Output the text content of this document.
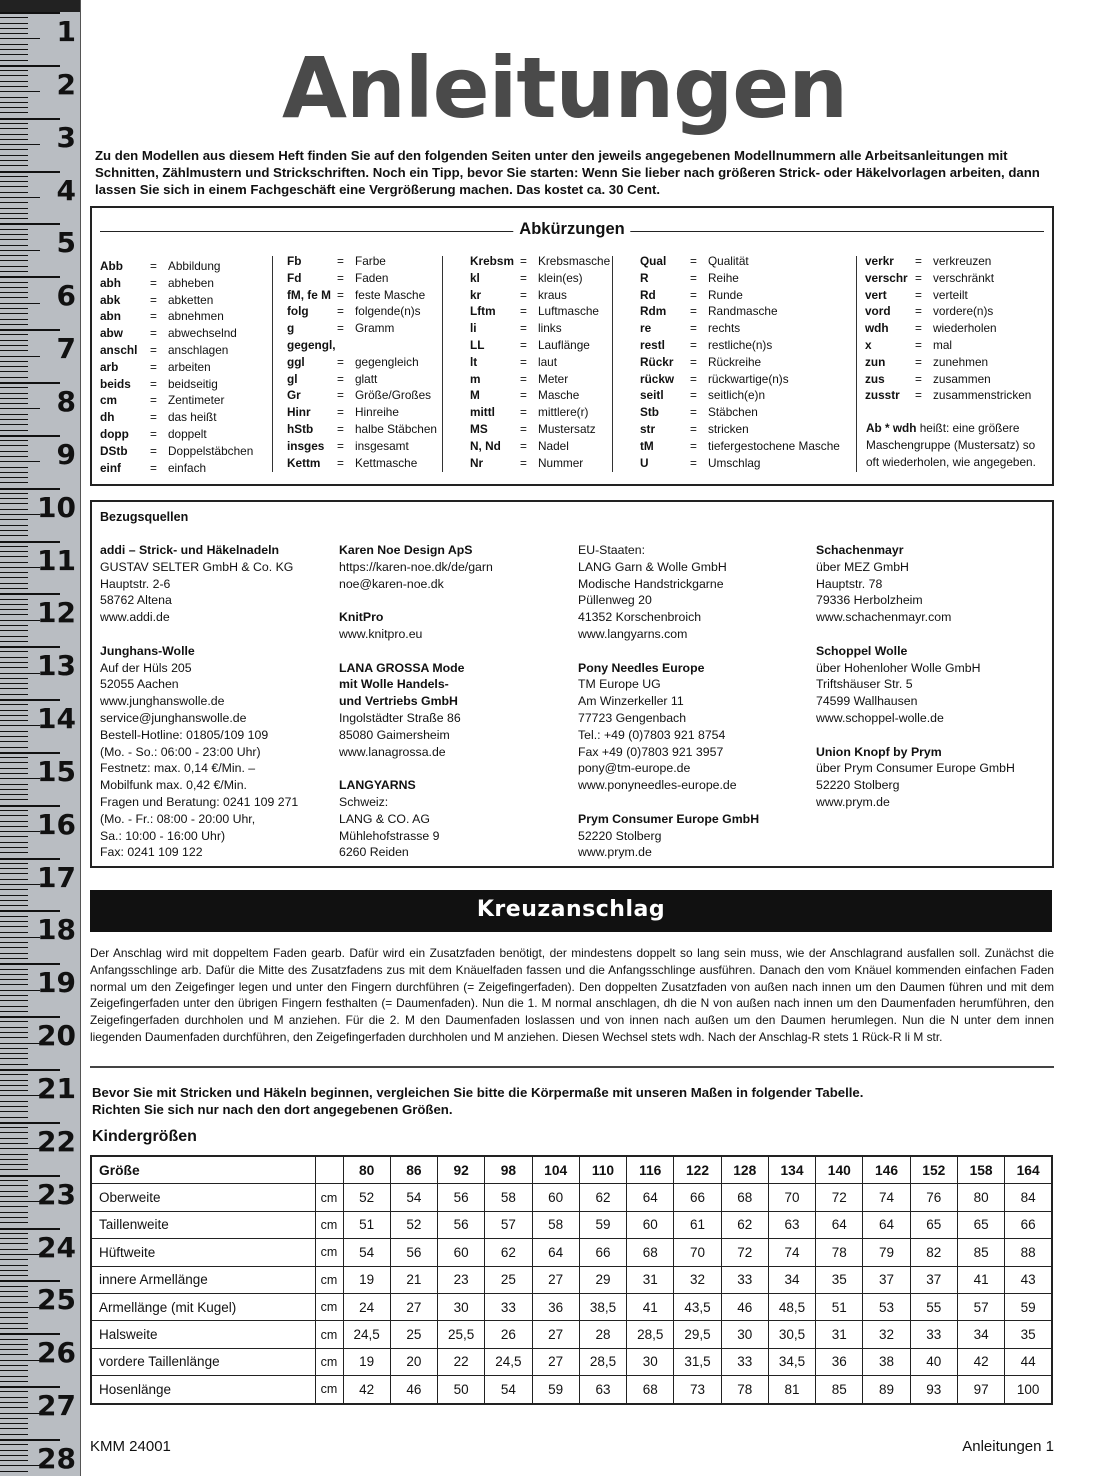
1
2
3
4
5
6
7
8
9
10
11
12
13
14
15
16
17
18
19
20
21
22
23
24
25
26
27
28
Anleitungen

Zu den Modellen aus diesem Heft finden Sie auf den folgenden Seiten unter den jeweils angegebenen Modellnummern alle Arbeitsanleitungen mit Schnitten, Zählmustern und Strickschriften. Noch ein Tipp, bevor Sie starten: Wenn Sie lieber nach größeren Strick- oder Häkelvorlagen arbeiten, dann lassen Sie sich in einem Fachgeschäft eine Vergrößerung machen. Das kostet ca. 30 Cent.

Abkürzungen
Ab * wdh heißt: eine größere Maschengruppe (Mustersatz) so oft wiederholen, wie angegeben.
Abb = Abbildung
abh = abheben
abk	= abketten
abn = abnehmen
abw = abwechselnd
anschl = anschlagen
arb	= arbeiten
beids = beidseitig
cm	= Zentimeter
dh	= das heißt
dopp = doppelt
DStb = Doppelstäbchen
einf = einfach
Fb	= Farbe
Fd	= Faden
fM, fe M = feste Masche
folg = folgende(n)s
g	= Gramm
gegengl,
ggl	= gegengleich
gl	= glatt
Gr	= Größe/Großes
Hinr = Hinreihe
hStb = halbe Stäbchen
insges = insgesamt
Kettm = Kettmasche
Krebsm = Krebsmasche
kl	= klein(es)
kr	= kraus
Lftm = Luftmasche
li	= links
LL	= Lauflänge
lt	= laut
m	= Meter
M	= Masche
mittl = mittlere(r)
MS	= Mustersatz
N, Nd = Nadel
Nr	= Nummer
Qual = Qualität
R	= Reihe
Rd	= Runde
Rdm = Randmasche
re	= rechts
restl = restliche(n)s
Rückr = Rückreihe
rückw = rückwartige(n)s
seitl = seitlich(e)n
Stb	= Stäbchen
str	= stricken
tM	= tiefergestochene Masche
U	= Umschlag
verkr = verkreuzen
verschr = verschränkt
vert = verteilt
vord = vordere(n)s
wdh = wiederholen
x	= mal
zun	= zunehmen
zus	= zusammen
zusstr = zusammenstricken
Bezugsquellen
addi – Strick- und Häkelnadeln
GUSTAV SELTER GmbH & Co. KG
Hauptstr. 2-6
58762 Altena
www.addi.de
Junghans-Wolle
Auf der Hüls 205
52055 Aachen
www.junghanswolle.de
service@junghanswolle.de
Bestell-Hotline: 01805/109 109
(Mo. - So.: 06:00 - 23:00 Uhr)
Festnetz: max. 0,14 €/Min. –
Mobilfunk max. 0,42 €/Min.
Fragen und Beratung: 0241 109 271
(Mo. - Fr.: 08:00 - 20:00 Uhr,
Sa.: 10:00 - 16:00 Uhr)
Fax: 0241 109 122
Karen Noe Design ApS
https://karen-noe.dk/de/garn
noe@karen-noe.dk
KnitPro
www.knitpro.eu
LANA GROSSA Mode
mit Wolle Handels-
und Vertriebs GmbH
Ingolstädter Straße 86
85080 Gaimersheim
www.lanagrossa.de
LANGYARNS
Schweiz:
LANG & CO. AG
Mühlehofstrasse 9
6260 Reiden
EU-Staaten:
LANG Garn & Wolle GmbH
Modische Handstrickgarne
Püllenweg 20
41352 Korschenbroich
www.langyarns.com
Pony Needles Europe
TM Europe UG
Am Winzerkeller 11
77723 Gengenbach
Tel.: +49 (0)7803 921 8754
Fax +49 (0)7803 921 3957
pony@tm-europe.de
www.ponyneedles-europe.de
Prym Consumer Europe GmbH
52220 Stolberg
www.prym.de
Schachenmayr
über MEZ GmbH
Hauptstr. 78
79336 Herbolzheim
www.schachenmayr.com
Schoppel Wolle
über Hohenloher Wolle GmbH
Triftshäuser Str. 5
74599 Wallhausen
www.schoppel-wolle.de
Union Knopf by Prym
über Prym Consumer Europe GmbH
52220 Stolberg
www.prym.de
Kreuzanschlag

Der Anschlag wird mit doppeltem Faden gearb. Dafür wird ein Zusatzfaden benötigt, der mindestens doppelt so lang sein muss, wie der Anschlagrand ausfallen soll. Zunächst die Anfangsschlinge arb. Dafür die Mitte des Zusatzfadens zus mit dem Knäuelfaden fassen und die Anfangsschlinge ausführen. Danach den vom Knäuel kommenden einfachen Faden normal um den Zeigefinger legen und unter den Fingern durchführen (= Zeigefingerfaden). Den doppelten Zusatzfaden von außen nach innen um den Daumen führen und mit dem Zeigefingerfaden unter den übrigen Fingern festhalten (= Daumenfaden). Nun die 1. M normal anschlagen, dh die N von außen nach innen um den Daumenfaden herumführen, den Zeigefingerfaden durchholen und M anziehen. Für die 2. M den Daumenfaden loslassen und von innen nach außen um den Daumen herumlegen. Nun die N unter dem innen liegenden Daumenfaden durchführen, den Zeigefingerfaden durchholen und M anziehen. Diesen Wechsel stets wdh. Nach der Anschlag-R stets 1 Rück-R li M str.

Bevor Sie mit Stricken und Häkeln beginnen, vergleichen Sie bitte die Körpermaße mit unseren Maßen in folgender Tabelle.
Richten Sie sich nur nach den dort angegebenen Größen.

Kindergrößen
Größe		80	86	92	98	104	110	116	122	128	134	140	146	152	158	164
Oberweite	cm	52	54	56	58	60	62	64	66	68	70	72	74	76	80	84
Taillenweite	cm	51	52	56	57	58	59	60	61	62	63	64	64	65	65	66
Hüftweite	cm	54	56	60	62	64	66	68	70	72	74	78	79	82	85	88
innere Armellänge	cm	19	21	23	25	27	29	31	32	33	34	35	37	37	41	43
Armellänge (mit Kugel)	cm	24	27	30	33	36	38,5	41	43,5	46	48,5	51	53	55	57	59
Halsweite	cm	24,5	25	25,5	26	27	28	28,5	29,5	30	30,5	31	32	33	34	35
vordere Taillenlänge	cm	19	20	22	24,5	27	28,5	30	31,5	33	34,5	36	38	40	42	44
Hosenlänge	cm	42	46	50	54	59	63	68	73	78	81	85	89	93	97	100
KMM 24001	Anleitungen 1
